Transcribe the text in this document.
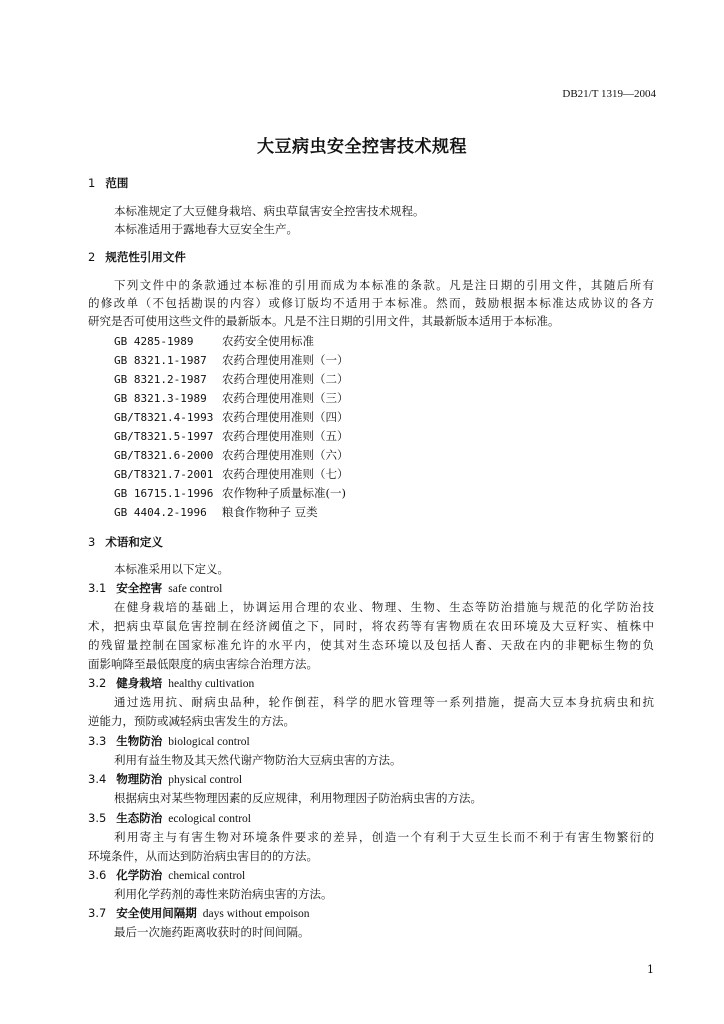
DB21/T 1319—2004
大豆病虫安全控害技术规程
1 范围
本标准规定了大豆健身栽培、病虫草鼠害安全控害技术规程。
本标准适用于露地春大豆安全生产。
2 规范性引用文件
下列文件中的条款通过本标准的引用而成为本标准的条款。凡是注日期的引用文件，其随后所有
的修改单（不包括勘误的内容）或修订版均不适用于本标准。然而，鼓励根据本标准达成协议的各方
研究是否可使用这些文件的最新版本。凡是不注日期的引用文件，其最新版本适用于本标准。
GB 4285-1989 农药安全使用标准
GB 8321.1-1987 农药合理使用准则（一）
GB 8321.2-1987 农药合理使用准则（二）
GB 8321.3-1989 农药合理使用准则（三）
GB/T8321.4-1993 农药合理使用准则（四）
GB/T8321.5-1997 农药合理使用准则（五）
GB/T8321.6-2000 农药合理使用准则（六）
GB/T8321.7-2001 农药合理使用准则（七）
GB 16715.1-1996 农作物种子质量标准(一)
GB 4404.2-1996 粮食作物种子 豆类
3 术语和定义
本标准采用以下定义。
3.1 安全控害 safe control
在健身栽培的基础上，协调运用合理的农业、物理、生物、生态等防治措施与规范的化学防治技
术，把病虫草鼠危害控制在经济阈值之下，同时，将农药等有害物质在农田环境及大豆籽实、植株中
的残留量控制在国家标准允许的水平内，使其对生态环境以及包括人畜、天敌在内的非靶标生物的负
面影响降至最低限度的病虫害综合治理方法。
3.2 健身栽培 healthy cultivation
通过选用抗、耐病虫品种，轮作倒茬，科学的肥水管理等一系列措施，提高大豆本身抗病虫和抗
逆能力，预防或减轻病虫害发生的方法。
3.3 生物防治 biological control
利用有益生物及其天然代谢产物防治大豆病虫害的方法。
3.4 物理防治 physical control
根据病虫对某些物理因素的反应规律，利用物理因子防治病虫害的方法。
3.5 生态防治 ecological control
利用寄主与有害生物对环境条件要求的差异，创造一个有利于大豆生长而不利于有害生物繁衍的
环境条件，从而达到防治病虫害目的的方法。
3.6 化学防治 chemical control
利用化学药剂的毒性来防治病虫害的方法。
3.7 安全使用间隔期 days without empoison
最后一次施药距离收获时的时间间隔。
1
